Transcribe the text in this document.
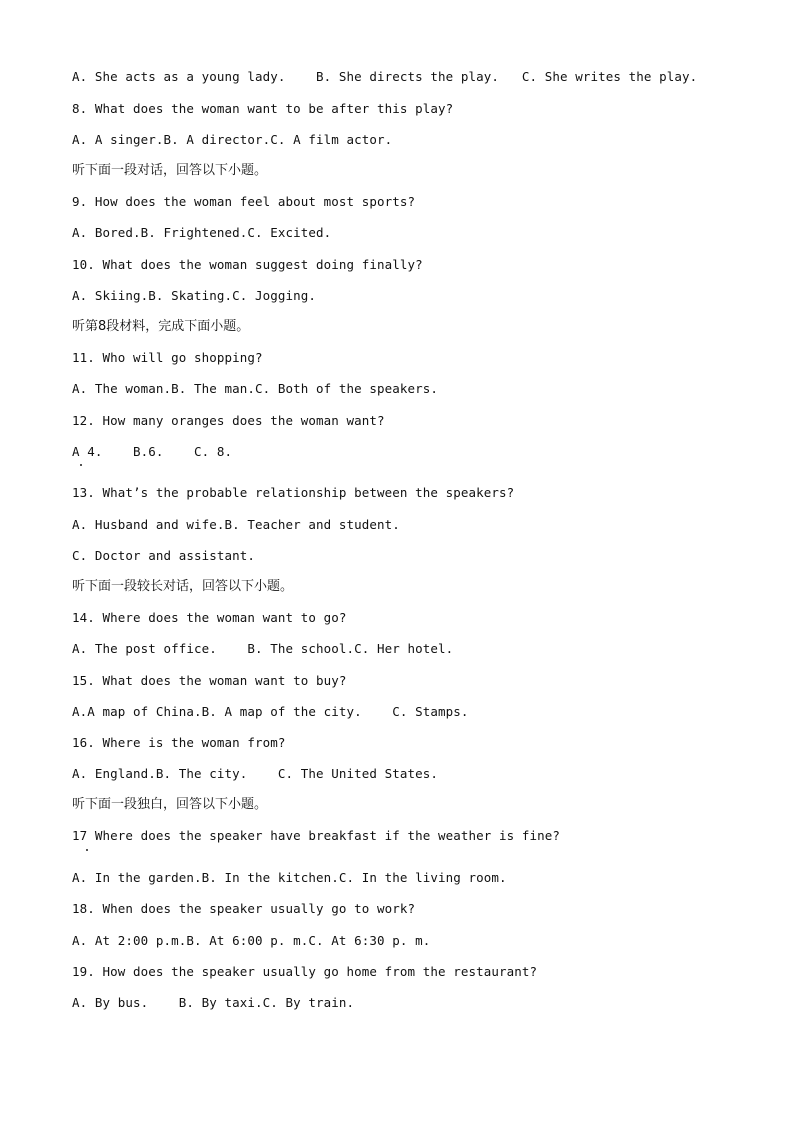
A. She acts as a young lady.    B. She directs the play.   C. She writes the play.
8. What does the woman want to be after this play?
A. A singer.B. A director.C. A film actor.
听下面一段对话，回答以下小题。
9. How does the woman feel about most sports?
A. Bored.B. Frightened.C. Excited.
10. What does the woman suggest doing finally?
A. Skiing.B. Skating.C. Jogging.
听第8段材料，完成下面小题。
11. Who will go shopping?
A. The woman.B. The man.C. Both of the speakers.
12. How many oranges does the woman want?
A 4.    B.6.    C. 8.
13. What’s the probable relationship between the speakers?
A. Husband and wife.B. Teacher and student.
C. Doctor and assistant.
听下面一段较长对话，回答以下小题。
14. Where does the woman want to go?
A. The post office.    B. The school.C. Her hotel.
15. What does the woman want to buy?
A.A map of China.B. A map of the city.    C. Stamps.
16. Where is the woman from?
A. England.B. The city.    C. The United States.
听下面一段独白，回答以下小题。
17 Where does the speaker have breakfast if the weather is fine?
A. In the garden.B. In the kitchen.C. In the living room.
18. When does the speaker usually go to work?
A. At 2:00 p.m.B. At 6:00 p. m.C. At 6:30 p. m.
19. How does the speaker usually go home from the restaurant?
A. By bus.    B. By taxi.C. By train.
